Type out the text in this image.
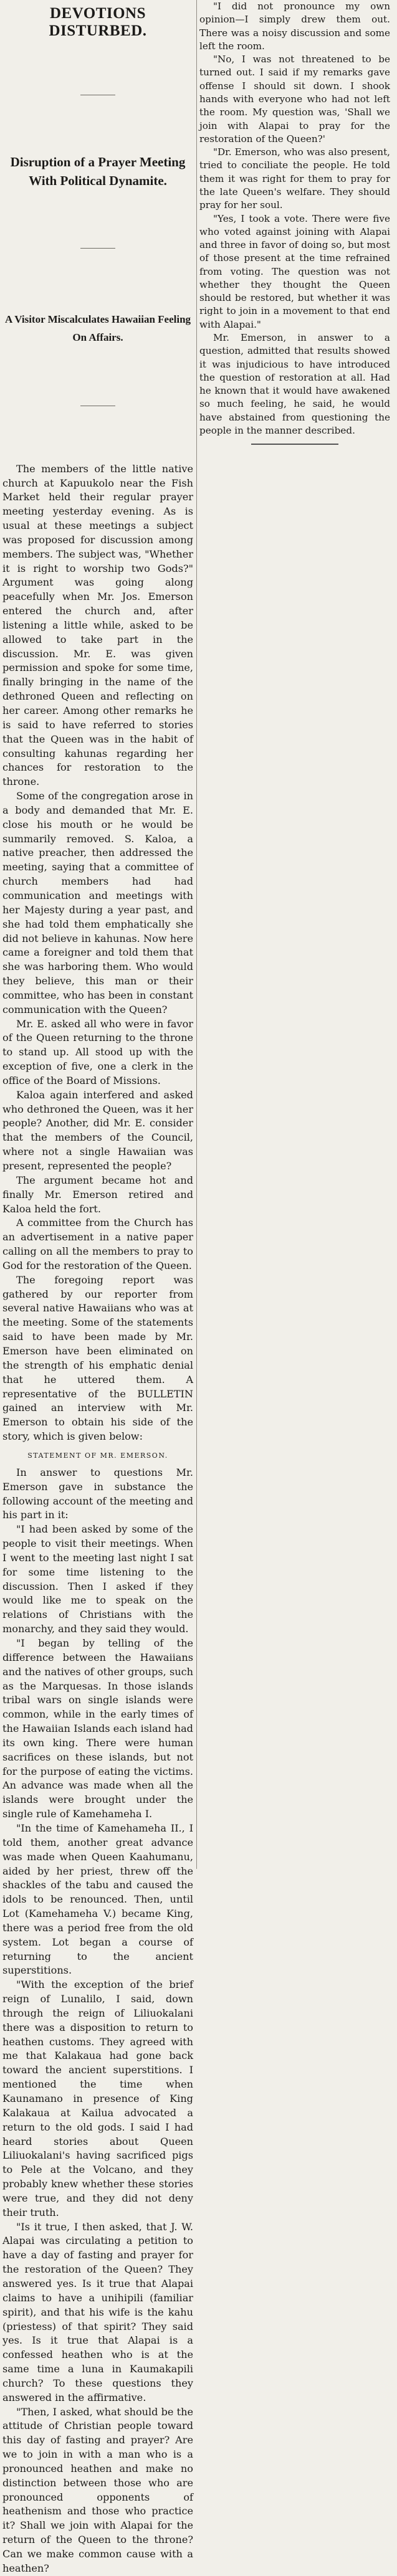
DEVOTIONS DISTURBED.
Disruption of a Prayer Meeting With Political Dynamite.
A Visitor Miscalculates Hawaiian Feeling On Affairs.

The members of the little native church at Kapuukolo near the Fish Market held their regular prayer meeting yesterday evening. As is usual at these meetings a subject was proposed for discussion among members. The subject was, "Whether it is right to worship two Gods?" Argument was going along peacefully when Mr. Jos. Emerson entered the church and, after listening a little while, asked to be allowed to take part in the discussion. Mr. E. was given permission and spoke for some time, finally bringing in the name of the dethroned Queen and reflecting on her career. Among other remarks he is said to have referred to stories that the Queen was in the habit of consulting kahunas regarding her chances for restoration to the throne.

Some of the congregation arose in a body and demanded that Mr. E. close his mouth or he would be summarily removed. S. Kaloa, a native preacher, then addressed the meeting, saying that a committee of church members had had communication and meetings with her Majesty during a year past, and she had told them emphatically she did not believe in kahunas. Now here came a foreigner and told them that she was harboring them. Who would they believe, this man or their committee, who has been in constant communication with the Queen?

Mr. E. asked all who were in favor of the Queen returning to the throne to stand up. All stood up with the exception of five, one a clerk in the office of the Board of Missions.

Kaloa again interfered and asked who dethroned the Queen, was it her people? Another, did Mr. E. consider that the members of the Council, where not a single Hawaiian was present, represented the people?

The argument became hot and finally Mr. Emerson retired and Kaloa held the fort.

A committee from the Church has an advertisement in a native paper calling on all the members to pray to God for the restoration of the Queen.

The foregoing report was gathered by our reporter from several native Hawaiians who was at the meeting. Some of the statements said to have been made by Mr. Emerson have been eliminated on the strength of his emphatic denial that he uttered them. A representative of the BULLETIN gained an interview with Mr. Emerson to obtain his side of the story, which is given below:

STATEMENT OF MR. EMERSON.

In answer to questions Mr. Emerson gave in substance the following account of the meeting and his part in it:

"I had been asked by some of the people to visit their meetings. When I went to the meeting last night I sat for some time listening to the discussion. Then I asked if they would like me to speak on the relations of Christians with the monarchy, and they said they would.

"I began by telling of the difference between the Hawaiians and the natives of other groups, such as the Marquesas. In those islands tribal wars on single islands were common, while in the early times of the Hawaiian Islands each island had its own king. There were human sacrifices on these islands, but not for the purpose of eating the victims. An advance was made when all the islands were brought under the single rule of Kamehameha I.

"In the time of Kamehameha II., I told them, another great advance was made when Queen Kaahumanu, aided by her priest, threw off the shackles of the tabu and caused the idols to be renounced. Then, until Lot (Kamehameha V.) became King, there was a period free from the old system. Lot began a course of returning to the ancient superstitions.

"With the exception of the brief reign of Lunalilo, I said, down through the reign of Liliuokalani there was a disposition to return to heathen customs. They agreed with me that Kalakaua had gone back toward the ancient superstitions. I mentioned the time when Kaunamano in presence of King Kalakaua at Kailua advocated a return to the old gods. I said I had heard stories about Queen Liliuokalani's having sacrificed pigs to Pele at the Volcano, and they probably knew whether these stories were true, and they did not deny their truth.

"Is it true, I then asked, that J. W. Alapai was circulating a petition to have a day of fasting and prayer for the restoration of the Queen? They answered yes. Is it true that Alapai claims to have a unihipili (familiar spirit), and that his wife is the kahu (priestess) of that spirit? They said yes. Is it true that Alapai is a confessed heathen who is at the same time a luna in Kaumakapili church? To these questions they answered in the affirmative.

"Then, I asked, what should be the attitude of Christian people toward this day of fasting and prayer? Are we to join in with a man who is a pronounced heathen and make no distinction between those who are pronounced opponents of heathenism and those who practice it? Shall we join with Alapai for the return of the Queen to the throne? Can we make common cause with a heathen?

"I did not pronounce my own opinion—I simply drew them out. There was a noisy discussion and some left the room.

"No, I was not threatened to be turned out. I said if my remarks gave offense I should sit down. I shook hands with everyone who had not left the room. My question was, 'Shall we join with Alapai to pray for the restoration of the Queen?'

"Dr. Emerson, who was also present, tried to conciliate the people. He told them it was right for them to pray for the late Queen's welfare. They should pray for her soul.

"Yes, I took a vote. There were five who voted against joining with Alapai and three in favor of doing so, but most of those present at the time refrained from voting. The question was not whether they thought the Queen should be restored, but whether it was right to join in a movement to that end with Alapai."

Mr. Emerson, in answer to a question, admitted that results showed it was injudicious to have introduced the question of restoration at all. Had he known that it would have awakened so much feeling, he said, he would have abstained from questioning the people in the manner described.
